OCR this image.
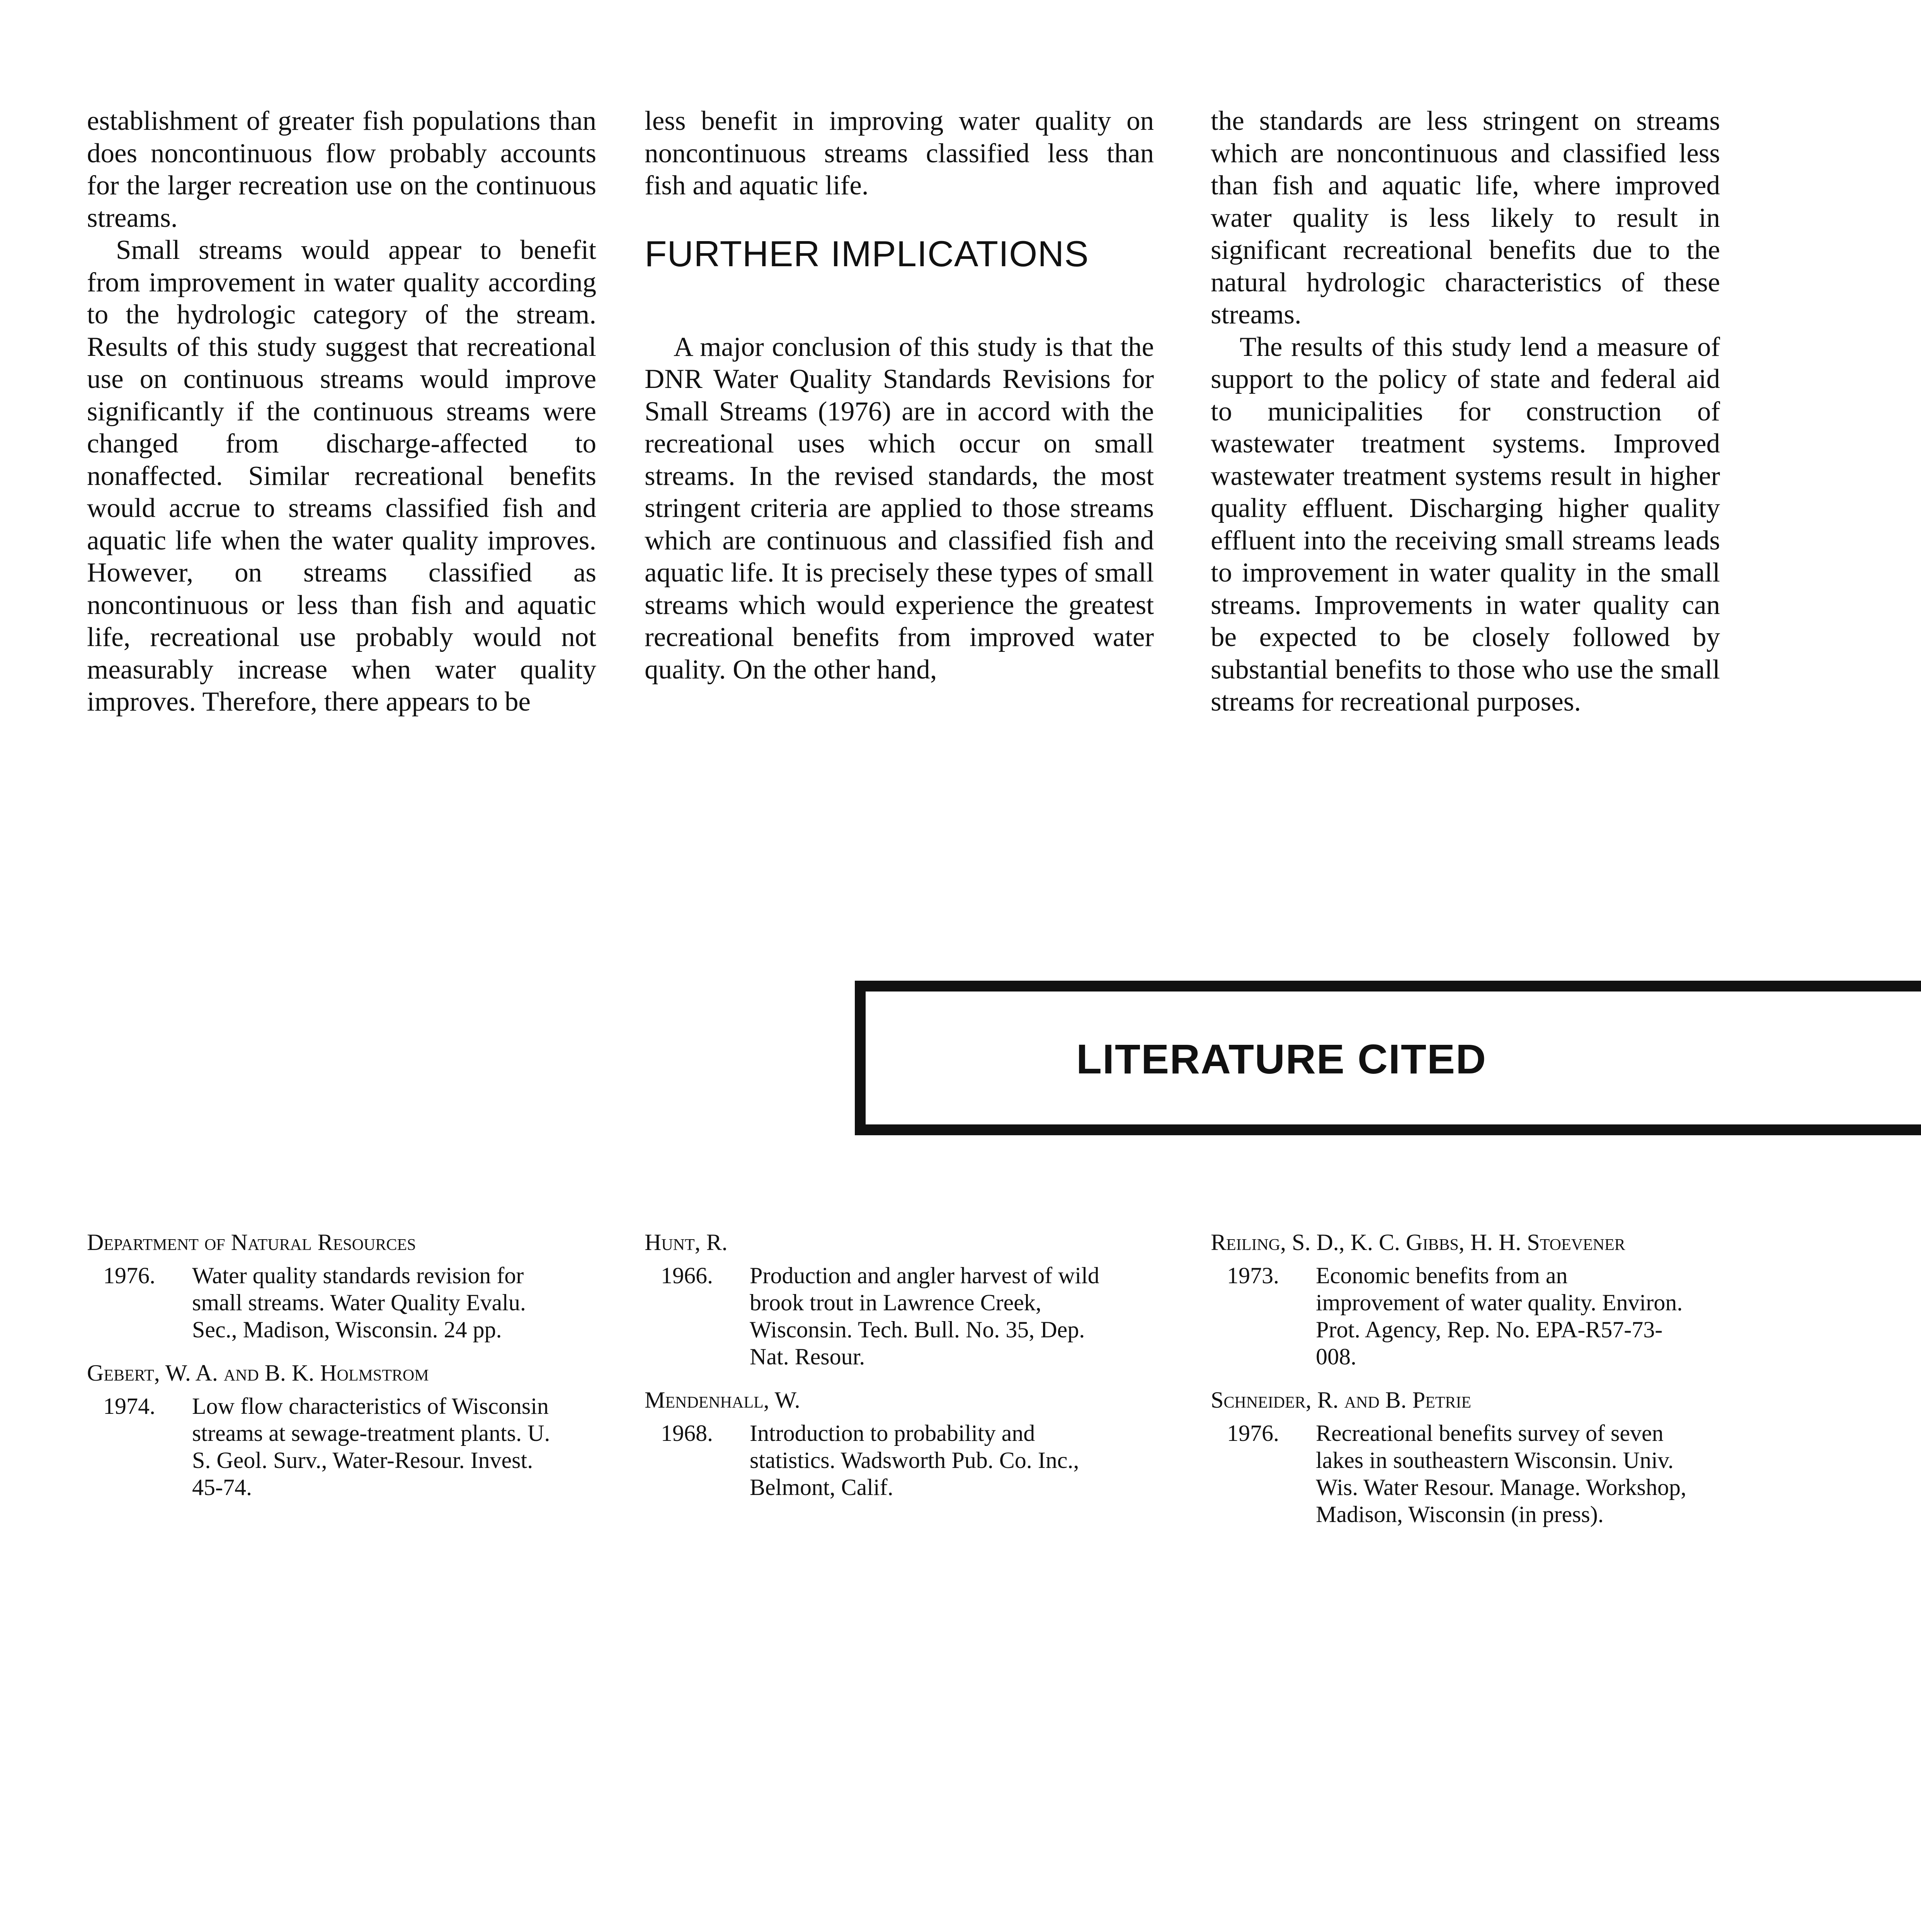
establishment of greater fish populations than does noncontinuous flow probably accounts for the larger recreation use on the continuous streams.

Small streams would appear to benefit from improvement in water quality according to the hydrologic category of the stream. Results of this study suggest that recreational use on continuous streams would improve significantly if the continuous streams were changed from discharge-affected to nonaffected. Similar recreational benefits would accrue to streams classified fish and aquatic life when the water quality improves. However, on streams classified as noncontinuous or less than fish and aquatic life, recreational use probably would not measurably increase when water quality improves. Therefore, there appears to be

less benefit in improving water quality on noncontinuous streams classified less than fish and aquatic life.

FURTHER IMPLICATIONS

A major conclusion of this study is that the DNR Water Quality Standards Revisions for Small Streams (1976) are in accord with the recreational uses which occur on small streams. In the revised standards, the most stringent criteria are applied to those streams which are continuous and classified fish and aquatic life. It is precisely these types of small streams which would experience the greatest recreational benefits from improved water quality. On the other hand,

the standards are less stringent on streams which are noncontinuous and classified less than fish and aquatic life, where improved water quality is less likely to result in significant recreational benefits due to the natural hydrologic characteristics of these streams.

The results of this study lend a measure of support to the policy of state and federal aid to municipalities for construction of wastewater treatment systems. Improved wastewater treatment systems result in higher quality effluent. Discharging higher quality effluent into the receiving small streams leads to improvement in water quality in the small streams. Improvements in water quality can be expected to be closely followed by substantial benefits to those who use the small streams for recreational purposes.

LITERATURE CITED
Department of Natural Resources
1976.	Water quality standards revision for small streams. Water Quality Evalu. Sec., Madison, Wisconsin. 24 pp.
Gebert, W. A. and B. K. Holmstrom
1974.	Low flow characteristics of Wisconsin streams at sewage-treatment plants. U. S. Geol. Surv., Water-Resour. Invest. 45-74.
Hunt, R.
1966.	Production and angler harvest of wild brook trout in Lawrence Creek, Wisconsin. Tech. Bull. No. 35, Dep. Nat. Resour.
Mendenhall, W.
1968.	Introduction to probability and statistics. Wadsworth Pub. Co. Inc., Belmont, Calif.
Reiling, S. D., K. C. Gibbs, H. H. Stoevener
1973.	Economic benefits from an improvement of water quality. Environ. Prot. Agency, Rep. No. EPA-R57-73-008.
Schneider, R. and B. Petrie
1976.	Recreational benefits survey of seven lakes in southeastern Wisconsin. Univ. Wis. Water Resour. Manage. Workshop, Madison, Wisconsin (in press).
